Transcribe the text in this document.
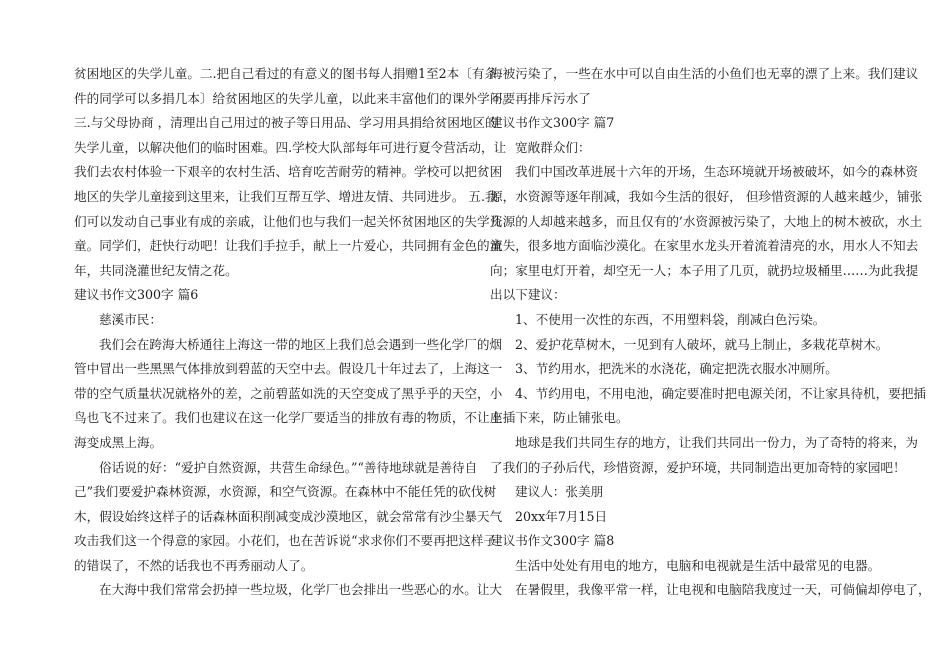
贫困地区的失学儿童。二.把自己看过的有意义的图书每人捐赠1至2本〔有条

件的同学可以多捐几本〕给贫困地区的失学儿童，以此来丰富他们的课外学问。

三.与父母协商 ，清理出自己用过的被子等日用品、学习用具捐给贫困地区的

失学儿童，以解决他们的临时困难。四.学校大队部每年可进行夏令营活动，让

我们去农村体验一下艰辛的农村生活、培育吃苦耐劳的精神。学校可以把贫困

地区的失学儿童接到这里来，让我们互帮互学、增进友情、共同进步。 五.我

们可以发动自己事业有成的亲戚，让他们也与我们一起关怀贫困地区的失学儿

童。同学们，赶快行动吧！让我们手拉手，献上一片爱心，共同拥有金色的童

年，共同浇灌世纪友情之花。

建议书作文300字 篇6

慈溪市民：

我们会在跨海大桥通往上海这一带的地区上我们总会遇到一些化学厂的烟

管中冒出一些黑黑气体排放到碧蓝的天空中去。假设几十年过去了，上海这一

带的空气质量状况就格外的差，之前碧蓝如洗的天空变成了黑乎乎的天空，小

鸟也飞不过来了。我们也建议在这一化学厂要适当的排放有毒的物质，不让上

海变成黑上海。

俗话说的好：“爱护自然资源，共营生命绿色。”“善待地球就是善待自

己”我们要爱护森林资源，水资源，和空气资源。在森林中不能任凭的砍伐树

木，假设始终这样子的话森林面积削减变成沙漠地区，就会常常有沙尘暴天气

攻击我们这一个得意的家园。小花们，也在苦诉说“求求你们不要再把这样子

的错误了，不然的话我也不再秀丽动人了。

在大海中我们常常会扔掉一些垃圾，化学厂也会排出一些恶心的水。让大

海被污染了，一些在水中可以自由生活的小鱼们也无辜的漂了上来。我们建议

不要再排斥污水了

建议书作文300字 篇7

宽敞群众们：

我们中国改革进展十六年的开场，生态环境就开场被破坏，如今的森林资

源，水资源等逐年削减，我如今生活的很好， 但珍惜资源的人越来越少，铺张

资源的人却越来越多，而且仅有的’水资源被污染了，大地上的树木被砍，水土

流失，很多地方面临沙漠化。在家里水龙头开着流着清亮的水，用水人不知去

向；家里电灯开着，却空无一人；本子用了几页，就扔垃圾桶里……为此我提

出以下建议：

1、不使用一次性的东西，不用塑料袋，削减白色污染。

2、爱护花草树木，一见到有人破坏，就马上制止，多栽花草树木。

3、节约用水，把洗米的水浇花，确定把洗衣服水冲厕所。

4、节约用电，不用电池，确定要准时把电源关闭，不让家具待机，要把插

座插下来，防止铺张电。

地球是我们共同生存的地方，让我们共同出一份力，为了奇特的将来，为

了我们的子孙后代，珍惜资源，爱护环境，共同制造出更加奇特的家园吧！

建议人：张美朋

20xx年7月15日

建议书作文300字 篇8

生活中处处有用电的地方，电脑和电视就是生活中最常见的电器。

在暑假里，我像平常一样，让电视和电脑陪我度过一天，可倘偏却停电了，
